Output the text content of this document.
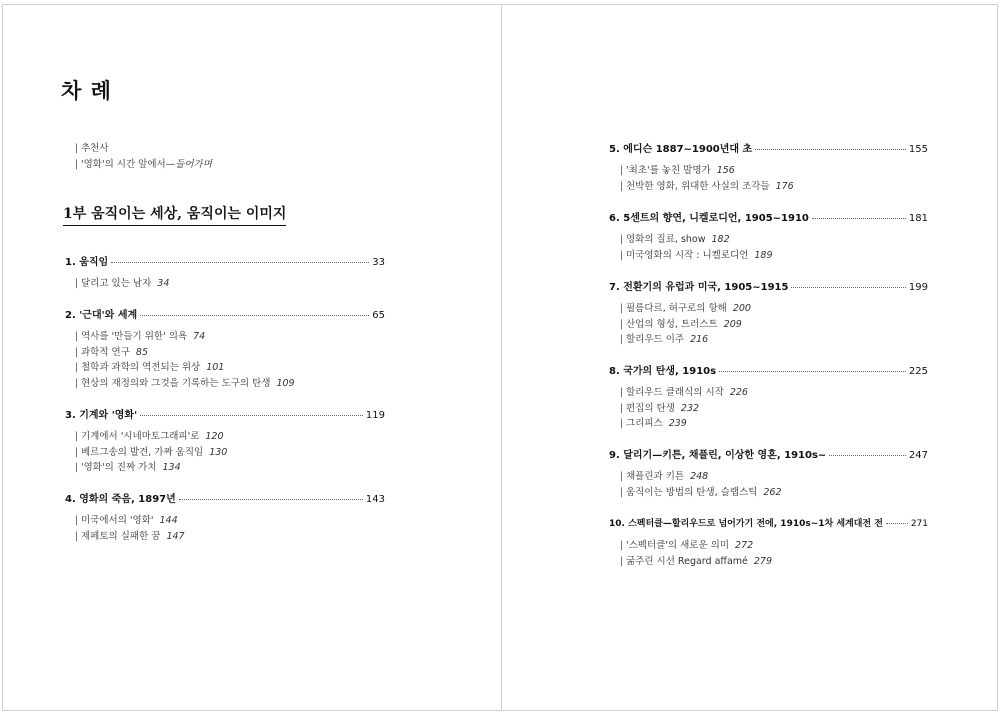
차 례
| 추천사
| '영화'의 시간 앞에서—들어가며
1부 움직이는 세상, 움직이는 이미지
1. 움직임	33
| 달리고 있는 남자 34
2. '근대'와 세계	65
| 역사를 '만들기 위한' 의욕 74
| 과학적 연구 85
| 철학과 과학의 역전되는 위상 101
| 현상의 재정의와 그것을 기록하는 도구의 탄생 109
3. 기계와 '영화'	119
| 기계에서 '시네마토그래피'로 120
| 베르그송의 발견, 가짜 움직임 130
| '영화'의 진짜 가치 134
4. 영화의 죽음, 1897년	143
| 미국에서의 '영화' 144
| 제페토의 실패한 꿈 147
5. 에디슨 1887~1900년대 초	155
| '최초'를 놓친 발명가 156
| 천박한 영화, 위대한 사실의 조각들 176
6. 5센트의 향연, 니켈로디언, 1905~1910	181
| 영화의 질료, show 182
| 미국영화의 시작 : 니켈로디언 189
7. 전환기의 유럽과 미국, 1905~1915	199
| 필름다르, 허구로의 항해 200
| 산업의 형성, 트러스트 209
| 할리우드 이주 216
8. 국가의 탄생, 1910s	225
| 할리우드 클래식의 시작 226
| 편집의 탄생 232
| 그리피스 239
9. 달리기—키튼, 채플린, 이상한 영혼, 1910s~	247
| 채플린과 키튼 248
| 움직이는 방법의 탄생, 슬랩스틱 262
10. 스펙터클—할리우드로 넘어가기 전에, 1910s~1차 세계대전 전	271
| '스펙터클'의 새로운 의미 272
| 굶주린 시선 Regard affamé 279
